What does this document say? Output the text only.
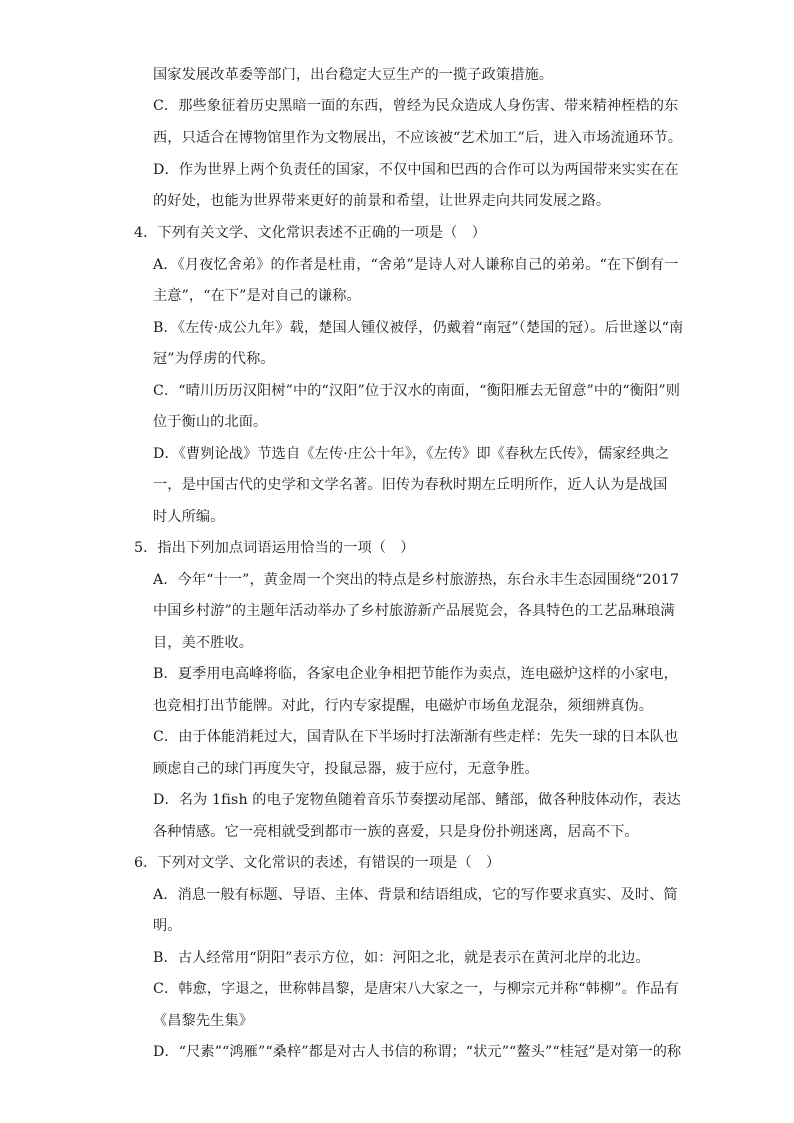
国家发展改革委等部门，出台稳定大豆生产的一揽子政策措施。
C．那些象征着历史黑暗一面的东西，曾经为民众造成人身伤害、带来精神桎梏的东
西，只适合在博物馆里作为文物展出，不应该被“艺术加工”后，进入市场流通环节。
D．作为世界上两个负责任的国家，不仅中国和巴西的合作可以为两国带来实实在在
的好处，也能为世界带来更好的前景和希望，让世界走向共同发展之路。
4．下列有关文学、文化常识表述不正确的一项是（　）
A．《月夜忆舍弟》的作者是杜甫，“舍弟”是诗人对人谦称自己的弟弟。“在下倒有一
主意”，“在下”是对自己的谦称。
B．《左传·成公九年》载，楚国人锺仪被俘，仍戴着“南冠”（楚国的冠）。后世遂以“南
冠”为俘虏的代称。
C．“晴川历历汉阳树”中的“汉阳”位于汉水的南面，“衡阳雁去无留意”中的“衡阳”则
位于衡山的北面。
D．《曹刿论战》节选自《左传·庄公十年》，《左传》即《春秋左氏传》，儒家经典之
一，是中国古代的史学和文学名著。旧传为春秋时期左丘明所作，近人认为是战国
时人所编。
5．指出下列加点词语运用恰当的一项（　）
A．今年“十一”，黄金周一个突出的特点是乡村旅游热，东台永丰生态园围绕“2017
中国乡村游”的主题年活动举办了乡村旅游新产品展览会，各具特色的工艺品琳琅满
目，美不胜收。
B．夏季用电高峰将临，各家电企业争相把节能作为卖点，连电磁炉这样的小家电，
也竞相打出节能牌。对此，行内专家提醒，电磁炉市场鱼龙混杂，须细辨真伪。
C．由于体能消耗过大，国青队在下半场时打法渐渐有些走样：先失一球的日本队也
顾虑自己的球门再度失守，投鼠忌器，疲于应付，无意争胜。
D．名为 1fish 的电子宠物鱼随着音乐节奏摆动尾部、鳍部，做各种肢体动作，表达
各种情感。它一亮相就受到都市一族的喜爱，只是身份扑朔迷离，居高不下。
6．下列对文学、文化常识的表述，有错误的一项是（　）
A．消息一般有标题、导语、主体、背景和结语组成，它的写作要求真实、及时、简
明。
B．古人经常用“阴阳”表示方位，如：河阳之北，就是表示在黄河北岸的北边。
C．韩愈，字退之，世称韩昌黎，是唐宋八大家之一，与柳宗元并称“韩柳”。作品有
《昌黎先生集》
D．“尺素”“鸿雁”“桑梓”都是对古人书信的称谓；“状元”“鳌头”“桂冠”是对第一的称
